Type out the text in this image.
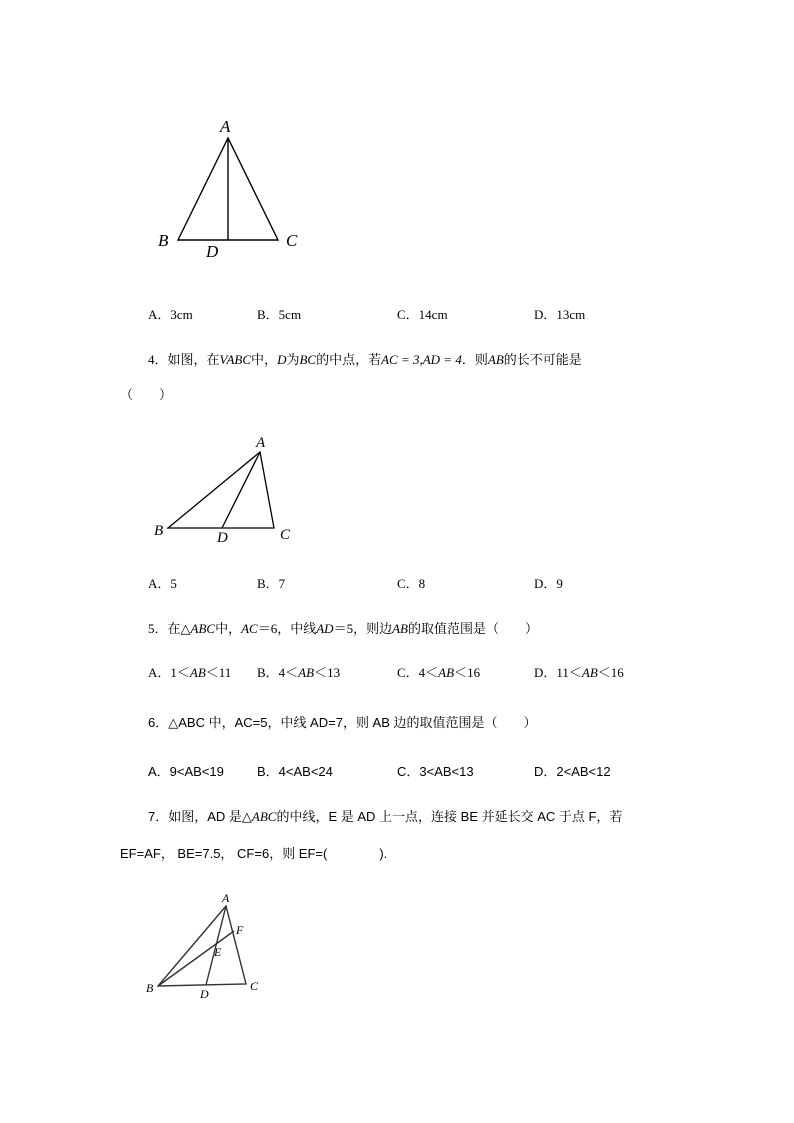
A
B	C
D
A．3cm	B．5cm	C．14cm	D．13cm
4．如图，在VABC中，D为BC的中点，若AC = 3,AD = 4．则AB的长不可能是
（　　）
A
B	C
D
A．5	B．7	C．8	D．9
5．在△ABC中，AC＝6，中线AD＝5，则边AB的取值范围是（　　）
A．1＜AB＜11 B．4＜AB＜13	C．4＜AB＜16	D．11＜AB＜16
6．△ABC 中，AC=5，中线 AD=7，则 AB 边的取值范围是（　　）
A．9<AB<19	B．4<AB<24	C．3<AB<13	D．2<AB<12
7．如图，AD 是△ABC的中线，E 是 AD 上一点，连接 BE 并延长交 AC 于点 F，若
EF=AF， BE=7.5， CF=6，则 EF=(　　　　).
A
B	C
D
E
F
